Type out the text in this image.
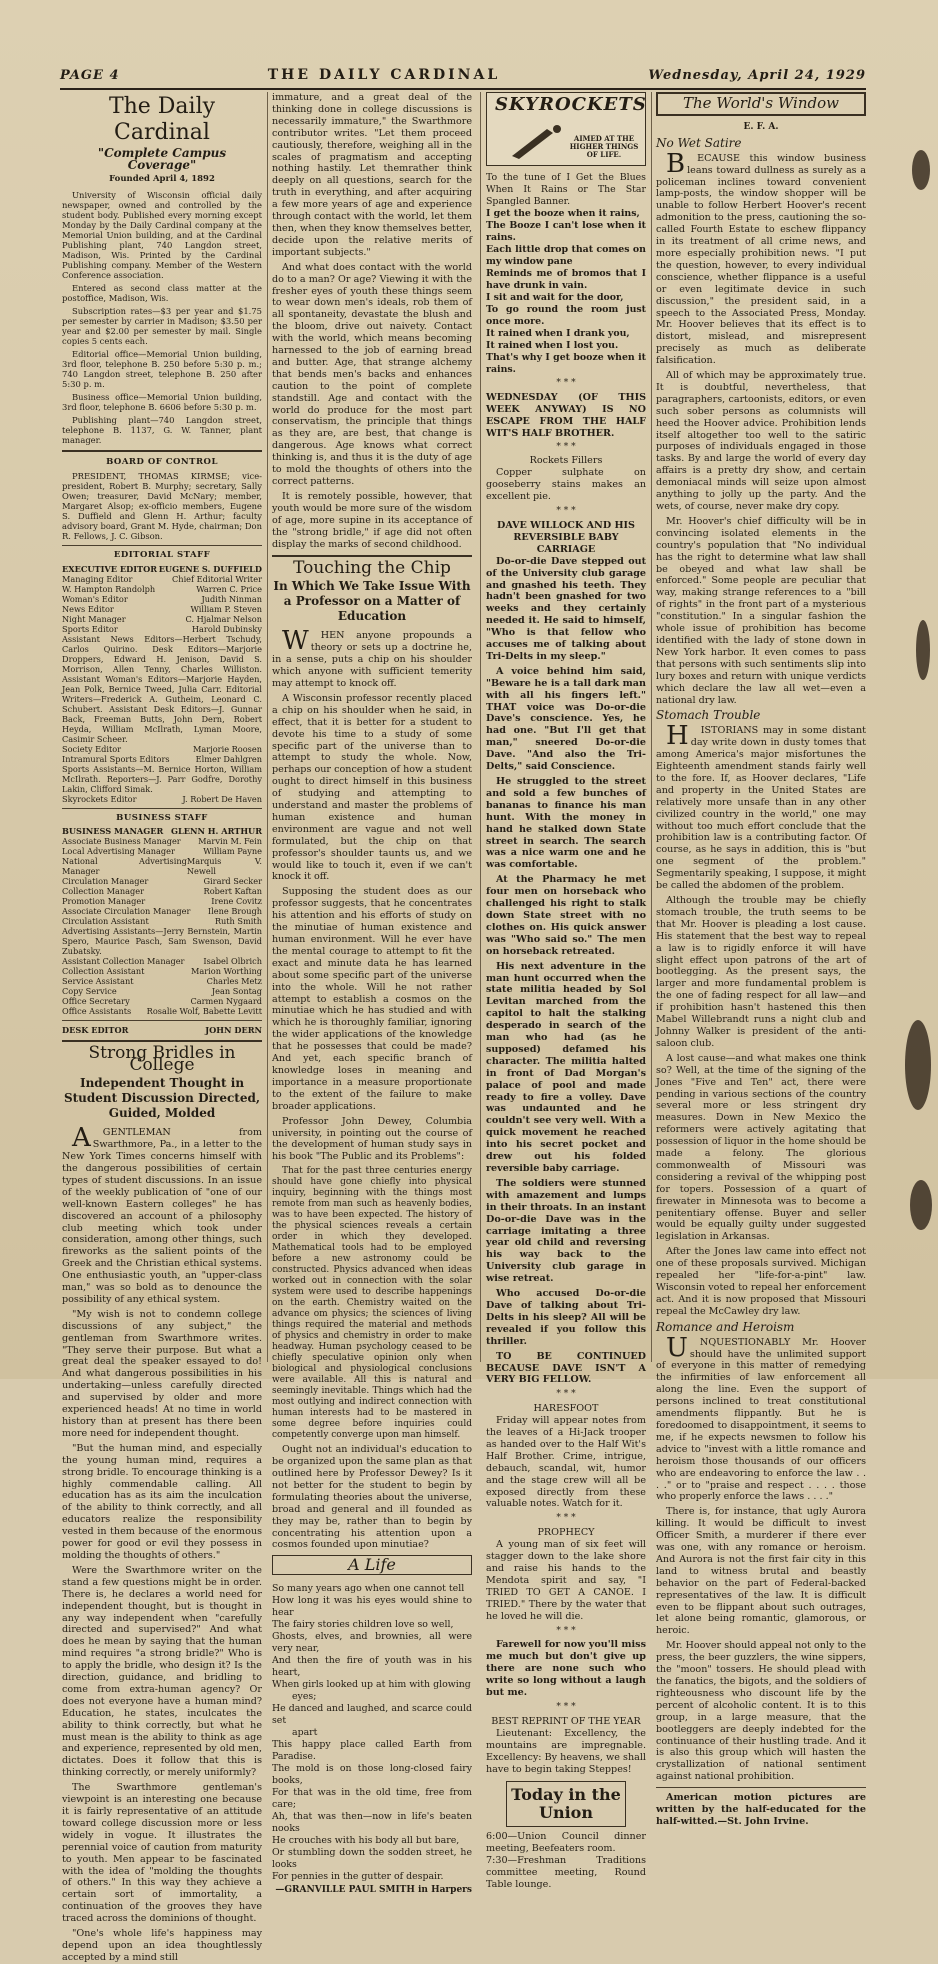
PAGE 4	THE DAILY CARDINAL	Wednesday, April 24, 1929
The Daily Cardinal
"Complete Campus Coverage"
Founded April 4, 1892

University of Wisconsin official daily newspaper, owned and controlled by the student body. Published every morning except Monday by the Daily Cardinal company at the Memorial Union building, and at the Cardinal Publishing plant, 740 Langdon street, Madison, Wis. Printed by the Cardinal Publishing company. Member of the Western Conference association.

Entered as second class matter at the postoffice, Madison, Wis.

Subscription rates—$3 per year and $1.75 per semester by carrier in Madison; $3.50 per year and $2.00 per semester by mail. Single copies 5 cents each.

Editorial office—Memorial Union building, 3rd floor, telephone B. 250 before 5:30 p. m.; 740 Langdon street, telephone B. 250 after 5:30 p. m.

Business office—Memorial Union building, 3rd floor, telephone B. 6606 before 5:30 p. m.

Publishing plant—740 Langdon street, telephone B. 1137, G. W. Tanner, plant manager.

BOARD OF CONTROL

PRESIDENT, THOMAS KIRMSE; vice-president, Robert B. Murphy; secretary, Sally Owen; treasurer, David McNary; member, Margaret Alsop; ex-officio members, Eugene S. Duffield and Glenn H. Arthur; faculty advisory board, Grant M. Hyde, chairman; Don R. Fellows, J. C. Gibson.

EDITORIAL STAFF
EXECUTIVE EDITOR EUGENE S. DUFFIELD
Managing Editor	Chief Editorial Writer
W. Hampton Randolph	Warren C. Price
Woman's Editor	Judith Ninman
News Editor	William P. Steven
Night Manager	C. Hjalmar Nelson
Sports Editor	Harold Dubinsky
Assistant News Editors—Herbert Tschudy, Carlos Quirino. Desk Editors—Marjorie Droppers, Edward H. Jenison, David S. Morrison, Allen Tenny, Charles Williston. Assistant Woman's Editors—Marjorie Hayden, Jean Polk, Bernice Tweed, Julia Carr. Editorial Writers—Frederick A. Gutheim, Leonard C. Schubert. Assistant Desk Editors—J. Gunnar Back, Freeman Butts, John Dern, Robert Heyda, William McIlrath, Lyman Moore, Casimir Scheer.
Society Editor	Marjorie Roosen
Intramural Sports Editors	Elmer Dahlgren
Sports Assistants—M. Bernice Horton, William McIlrath. Reporters—J. Parr Godfre, Dorothy Lakin, Clifford Simak.
Skyrockets Editor	J. Robert De Haven
BUSINESS STAFF
BUSINESS MANAGER GLENN H. ARTHUR
Associate Business Manager Marvin M. Fein
Local Advertising Manager	William Payne
National Advertising Manager
Marquis V. Newell
Circulation Manager	Girard Secker
Collection Manager	Robert Kaftan
Promotion Manager	Irene Covitz
Associate Circulation Manager Ilene Brough
Circulation Assistant	Ruth Smith
Advertising Assistants—Jerry Bernstein, Martin Spero, Maurice Pasch, Sam Swenson, David Zubatsky.
Assistant Collection Manager Isabel Olbrich
Collection Assistant	Marion Worthing
Service Assistant	Charles Metz
Copy Service	Jean Sontag
Office Secretary	Carmen Nygaard
Office Assistants Rosalie Wolf, Babette Levitt
DESK EDITOR	JOHN DERN
Strong Bridles in College
Independent Thought in Student Discussion Directed, Guided, Molded

AGENTLEMAN from Swarthmore, Pa., in a letter to the New York Times concerns himself with the dangerous possibilities of certain types of student discussions. In an issue of the weekly publication of "one of our well-known Eastern colleges" he has discovered an account of a philosophy club meeting which took under consideration, among other things, such fireworks as the salient points of the Greek and the Christian ethical systems. One enthusiastic youth, an "upper-class man," was so bold as to denounce the possibility of any ethical system.

"My wish is not to condemn college discussions of any subject," the gentleman from Swarthmore writes. "They serve their purpose. But what a great deal the speaker essayed to do! And what dangerous possibilities in his undertaking—unless carefully directed and supervised by older and more experienced heads! At no time in world history than at present has there been more need for independent thought.

"But the human mind, and especially the young human mind, requires a strong bridle. To encourage thinking is a highly commendable calling. All education has as its aim the inculcation of the ability to think correctly, and all educators realize the responsibility vested in them because of the enormous power for good or evil they possess in molding the thoughts of others."

Were the Swarthmore writer on the stand a few questions might be in order. There is, he declares a world need for independent thought, but is thought in any way independent when "carefully directed and supervised?" And what does he mean by saying that the human mind requires "a strong bridle?" Who is to apply the bridle, who design it? Is the direction, guidance, and bridling to come from extra-human agency? Or does not everyone have a human mind? Education, he states, inculcates the ability to think correctly, but what he must mean is the ability to think as age and experience, represented by old men, dictates. Does it follow that this is thinking correctly, or merely uniformly?

The Swarthmore gentleman's viewpoint is an interesting one because it is fairly representative of an attitude toward college discussion more or less widely in vogue. It illustrates the perennial voice of caution from maturity to youth. Men appear to be fascinated with the idea of "molding the thoughts of others." In this way they achieve a certain sort of immortality, a continuation of the grooves they have traced across the dominions of thought.

"One's whole life's happiness may depend upon an idea thoughtlessly accepted by a mind still

immature, and a great deal of the thinking done in college discussions is necessarily immature," the Swarthmore contributor writes. "Let them proceed cautiously, therefore, weighing all in the scales of pragmatism and accepting nothing hastily. Let themrather think deeply on all questions, search for the truth in everything, and after acquiring a few more years of age and experience through contact with the world, let them then, when they know themselves better, decide upon the relative merits of important subjects."

And what does contact with the world do to a man? Or age? Viewing it with the fresher eyes of youth these things seem to wear down men's ideals, rob them of all spontaneity, devastate the blush and the bloom, drive out naivety. Contact with the world, which means becoming harnessed to the job of earning bread and butter. Age, that strange alchemy that bends men's backs and enhances caution to the point of complete standstill. Age and contact with the world do produce for the most part conservatism, the principle that things as they are, are best, that change is dangerous. Age knows what correct thinking is, and thus it is the duty of age to mold the thoughts of others into the correct patterns.

It is remotely possible, however, that youth would be more sure of the wisdom of age, more supine in its acceptance of the "strong bridle," if age did not often display the marks of second childhood.

Touching the Chip
In Which We Take Issue With a Professor on a Matter of Education

WHEN anyone propounds a theory or sets up a doctrine he, in a sense, puts a chip on his shoulder which anyone with sufficient temerity may attempt to knock off.

A Wisconsin professor recently placed a chip on his shoulder when he said, in effect, that it is better for a student to devote his time to a study of some specific part of the universe than to attempt to study the whole. Now, perhaps our conception of how a student ought to direct himself in this business of studying and attempting to understand and master the problems of human existence and human environment are vague and not well formulated, but the chip on that professor's shoulder taunts us, and we would like to touch it, even if we can't knock it off.

Supposing the student does as our professor suggests, that he concentrates his attention and his efforts of study on the minutiae of human existence and human environment. Will he ever have the mental courage to attempt to fit the exact and minute data he has learned about some specific part of the universe into the whole. Will he not rather attempt to establish a cosmos on the minutiae which he has studied and with which he is thoroughly familiar, ignoring the wider applications of the knowledge that he possesses that could be made? And yet, each specific branch of knowledge loses in meaning and importance in a measure proportionate to the extent of the failure to make broader applications.

Professor John Dewey, Columbia university, in pointing out the course of the development of human study says in his book "The Public and its Problems":

That for the past three centuries energy should have gone chiefly into physical inquiry, beginning with the things most remote from man such as heavenly bodies, was to have been expected. The history of the physical sciences reveals a certain order in which they developed. Mathematical tools had to be employed before a new astronomy could be constructed. Physics advanced when ideas worked out in connection with the solar system were used to describe happenings on the earth. Chemistry waited on the advance om physics; the sciences of living things required the material and methods of physics and chemistry in order to make headway. Human psychology ceased to be chiefly speculative opinion only when biological and physiological conclusions were available. All this is natural and seemingly inevitable. Things which had the most outlying and indirect connection with human interests had to be mastered in some degree before inquiries could competently converge upon man himself.

Ought not an individual's education to be organized upon the same plan as that outlined here by Professor Dewey? Is it not better for the student to begin by formulating theories about the universe, broad and general and ill founded as they may be, rather than to begin by concentrating his attention upon a cosmos founded upon minutiae?

A Life
So many years ago when one cannot tell
How long it was his eyes would shine to hear
The fairy stories children love so well,
Ghosts, elves, and brownies, all were very near,
And then the fire of youth was in his heart,
When girls looked up at him with glowing
eyes;
He danced and laughed, and scarce could set
apart
This happy place called Earth from Paradise.
The mold is on those long-closed fairy books,
For that was in the old time, free from care;
Ah, that was then—now in life's beaten nooks
He crouches with his body all but bare,
Or stumbling down the sodden street, he looks
For pennies in the gutter of despair.
—GRANVILLE PAUL SMITH in Harpers
SKYROCKETS
AIMED AT THE HIGHER THINGS OF LIFE.
To the tune of I Get the Blues When It Rains or The Star Spangled Banner.
I get the booze when it rains,
The Booze I can't lose when it rains.
Each little drop that comes on my window pane
Reminds me of bromos that I have drunk in vain.
I sit and wait for the door,
To go round the room just once more.
It rained when I drank you,
It rained when I lost you.
That's why I get booze when it rains.
* * *
WEDNESDAY (OF THIS WEEK ANYWAY) IS NO ESCAPE FROM THE HALF WIT'S HALF BROTHER.
* * *
Rockets Fillers

Copper sulphate on gooseberry stains makes an excellent pie.

* * *
DAVE WILLOCK AND HIS REVERSIBLE BABY CARRIAGE

Do-or-die Dave stepped out of the University club garage and gnashed his teeth. They hadn't been gnashed for two weeks and they certainly needed it. He said to himself, "Who is that fellow who accuses me of talking about Tri-Delts in my sleep."

A voice behind him said, "Beware he is a tall dark man with all his fingers left." THAT voice was Do-or-die Dave's conscience. Yes, he had one. "But I'll get that man," sneered Do-or-die Dave. "And also the Tri-Delts," said Conscience.

He struggled to the street and sold a few bunches of bananas to finance his man hunt. With the money in hand he stalked down State street in search. The search was a nice warm one and he was comfortable.

At the Pharmacy he met four men on horseback who challenged his right to stalk down State street with no clothes on. His quick answer was "Who said so." The men on horseback retreated.

His next adventure in the man hunt occurred when the state militia headed by Sol Levitan marched from the capitol to halt the stalking desperado in search of the man who had (as he supposed) defamed his character. The militia halted in front of Dad Morgan's palace of pool and made ready to fire a volley. Dave was undaunted and he couldn't see very well. With a quick movement he reached into his secret pocket and drew out his folded reversible baby carriage.

The soldiers were stunned with amazement and lumps in their throats. In an instant Do-or-die Dave was in the carriage imitating a three year old child and reversing his way back to the University club garage in wise retreat.

Who accused Do-or-die Dave of talking about Tri-Delts in his sleep? All will be revealed if you follow this thriller.

TO BE CONTINUED BECAUSE DAVE ISN'T A VERY BIG FELLOW.

* * *
HARESFOOT

Friday will appear notes from the leaves of a Hi-Jack trooper as handed over to the Half Wit's Half Brother. Crime, intrigue, debauch, scandal, wit, humor and the stage crew will all be exposed directly from these valuable notes. Watch for it.

* * *
PROPHECY

A young man of six feet will stagger down to the lake shore and raise his hands to the Mendota spirit and say, "I TRIED TO GET A CANOE. I TRIED." There by the water that he loved he will die.

* * *

Farewell for now you'll miss me much but don't give up there are none such who write so long without a laugh but me.

* * *
BEST REPRINT OF THE YEAR

Lieutenant: Excellency, the mountains are impregnable. Excellency: By heavens, we shall have to begin taking Steppes!

Today in the Union
6:00—Union Council dinner meeting, Beefeaters room.
7:30—Freshman Traditions committee meeting, Round Table lounge.
The World's Window
E. F. A.
No Wet Satire

BECAUSE this window business leans toward dullness as surely as a policeman inclines toward convenient lamp-posts, the window shopper will be unable to follow Herbert Hoover's recent admonition to the press, cautioning the so-called Fourth Estate to eschew flippancy in its treatment of all crime news, and more especially prohibition news. "I put the question, however, to every individual conscience, whether flippance is a useful or even legitimate device in such discussion," the president said, in a speech to the Associated Press, Monday. Mr. Hoover believes that its effect is to distort, mislead, and misrepresent precisely as much as deliberate falsification.

All of which may be approximately true. It is doubtful, nevertheless, that paragraphers, cartoonists, editors, or even such sober persons as columnists will heed the Hoover advice. Prohibition lends itself altogether too well to the satiric purposes of individuals engaged in those tasks. By and large the world of every day affairs is a pretty dry show, and certain demoniacal minds will seize upon almost anything to jolly up the party. And the wets, of course, never make dry copy.

Mr. Hoover's chief difficulty will be in convincing isolated elements in the country's population that "No individual has the right to determine what law shall be obeyed and what law shall be enforced." Some people are peculiar that way, making strange references to a "bill of rights" in the front part of a mysterious "constitution." In a singular fashion the whole issue of prohibition has become identified with the lady of stone down in New York harbor. It even comes to pass that persons with such sentiments slip into lury boxes and return with unique verdicts which declare the law all wet—even a national dry law.

Stomach Trouble

HISTORIANS may in some distant day write down in dusty tomes that among America's major misfortunes the Eighteenth amendment stands fairly well to the fore. If, as Hoover declares, "Life and property in the United States are relatively more unsafe than in any other civilized country in the world," one may without too much effort conclude that the prohibition law is a contributing factor. Of course, as he says in addition, this is "but one segment of the problem." Segmentarily speaking, I suppose, it might be called the abdomen of the problem.

Although the trouble may be chiefly stomach trouble, the truth seems to be that Mr. Hoover is pleading a lost cause. His statement that the best way to repeal a law is to rigidly enforce it will have slight effect upon patrons of the art of bootlegging. As the present says, the larger and more fundamental problem is the one of fading respect for all law—and if prohibition hasn't hastened this then Mabel Willebrandt runs a night club and Johnny Walker is president of the anti-saloon club.

A lost cause—and what makes one think so? Well, at the time of the signing of the Jones "Five and Ten" act, there were pending in various sections of the country several more or less stringent dry measures. Down in New Mexico the reformers were actively agitating that possession of liquor in the home should be made a felony. The glorious commonwealth of Missouri was considering a revival of the whipping post for topers. Possession of a quart of firewater in Minnesota was to become a penitentiary offense. Buyer and seller would be equally guilty under suggested legislation in Arkansas.

After the Jones law came into effect not one of these proposals survived. Michigan repealed her "life-for-a-pint" law. Wisconsin voted to repeal her enforcement act. And it is now proposed that Missouri repeal the McCawley dry law.

Romance and Heroism

UNQUESTIONABLY Mr. Hoover should have the unlimited support of everyone in this matter of remedying the infirmities of law enforcement all along the line. Even the support of persons inclined to treat constitutional amendments flippantly. But he is foredoomed to disappointment, it seems to me, if he expects newsmen to follow his advice to "invest with a little romance and heroism those thousands of our officers who are endeavoring to enforce the law . . . ." or to "praise and respect . . . . those who properly enforce the laws . . . ."

There is, for instance, that ugly Aurora killing. It would be difficult to invest Officer Smith, a murderer if there ever was one, with any romance or heroism. And Aurora is not the first fair city in this land to witness brutal and beastly behavior on the part of Federal-backed representatives of the law. It is difficult even to be flippant about such outrages, let alone being romantic, glamorous, or heroic.

Mr. Hoover should appeal not only to the press, the beer guzzlers, the wine sippers, the "moon" tossers. He should plead with the fanatics, the bigots, and the soldiers of righteousness who discount life by the percent of alcoholic content. It is to this group, in a large measure, that the bootleggers are deeply indebted for the continuance of their hustling trade. And it is also this group which will hasten the crystallization of national sentiment against national prohibition.

American motion pictures are written by the half-educated for the half-witted.—St. John Irvine.
